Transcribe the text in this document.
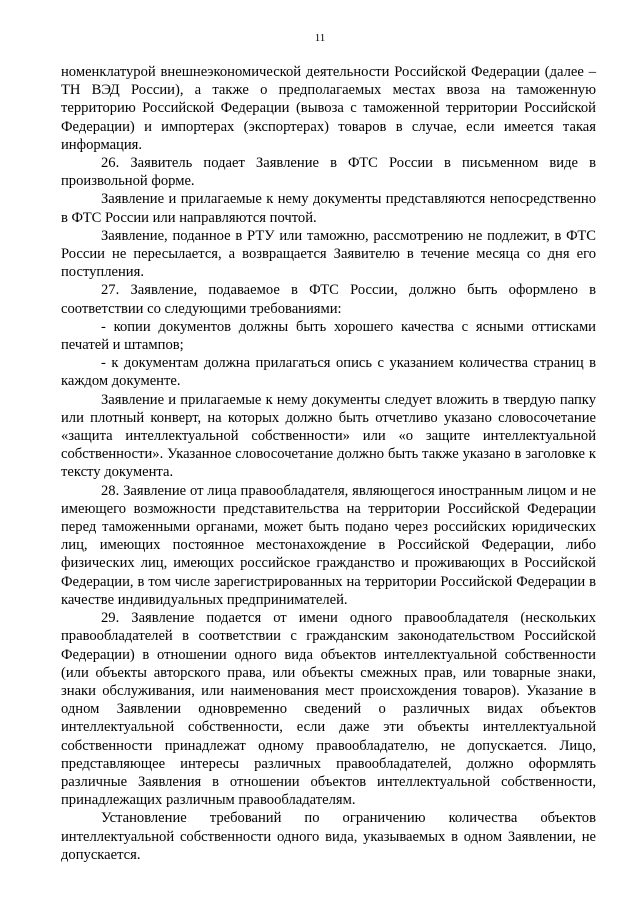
11

номенклатурой внешнеэкономической деятельности Российской Федерации (далее – ТН ВЭД России), а также о предполагаемых местах ввоза на таможенную территорию Российской Федерации (вывоза с таможенной территории Российской Федерации) и импортерах (экспортерах) товаров в случае, если имеется такая информация.

26. Заявитель подает Заявление в ФТС России в письменном виде в произвольной форме.

Заявление и прилагаемые к нему документы представляются непосредственно в ФТС России или направляются почтой.

Заявление, поданное в РТУ или таможню, рассмотрению не подлежит, в ФТС России не пересылается, а возвращается Заявителю в течение месяца со дня его поступления.

27. Заявление, подаваемое в ФТС России, должно быть оформлено в соответствии со следующими требованиями:

- копии документов должны быть хорошего качества с ясными оттисками печатей и штампов;

- к документам должна прилагаться опись с указанием количества страниц в каждом документе.

Заявление и прилагаемые к нему документы следует вложить в твердую папку или плотный конверт, на которых должно быть отчетливо указано словосочетание «защита интеллектуальной собственности» или «о защите интеллектуальной собственности». Указанное словосочетание должно быть также указано в заголовке к тексту документа.

28. Заявление от лица правообладателя, являющегося иностранным лицом и не имеющего возможности представительства на территории Российской Федерации перед таможенными органами, может быть подано через российских юридических лиц, имеющих постоянное местонахождение в Российской Федерации, либо физических лиц, имеющих российское гражданство и проживающих в Российской Федерации, в том числе зарегистрированных на территории Российской Федерации в качестве индивидуальных предпринимателей.

29. Заявление подается от имени одного правообладателя (нескольких правообладателей в соответствии с гражданским законодательством Российской Федерации) в отношении одного вида объектов интеллектуальной собственности (или объекты авторского права, или объекты смежных прав, или товарные знаки, знаки обслуживания, или наименования мест происхождения товаров). Указание в одном Заявлении одновременно сведений о различных видах объектов интеллектуальной собственности, если даже эти объекты интеллектуальной собственности принадлежат одному правообладателю, не допускается. Лицо, представляющее интересы различных правообладателей, должно оформлять различные Заявления в отношении объектов интеллектуальной собственности, принадлежащих различным правообладателям.

Установление требований по ограничению количества объектов интеллектуальной собственности одного вида, указываемых в одном Заявлении, не допускается.
